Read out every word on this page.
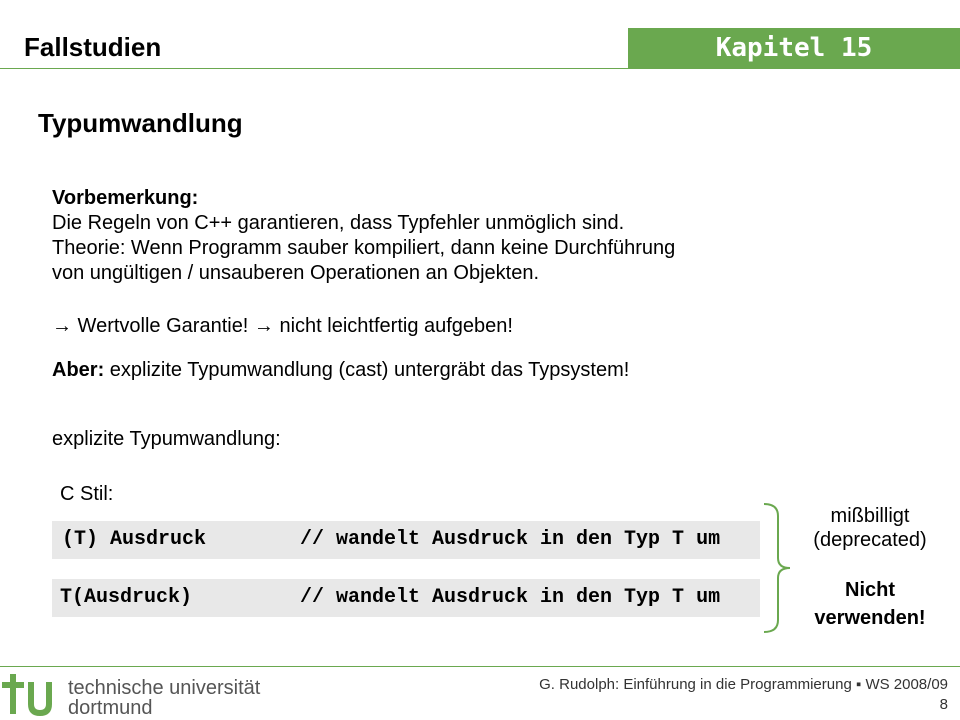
Kapitel 15
Fallstudien
Typumwandlung
Vorbemerkung:
Die Regeln von C++ garantieren, dass Typfehler unmöglich sind.
Theorie: Wenn Programm sauber kompiliert, dann keine Durchführung
von ungültigen / unsauberen Operationen an Objekten.
→ Wertvolle Garantie! → nicht leichtfertig aufgeben!
Aber: explizite Typumwandlung (cast) untergräbt das Typsystem!
explizite Typumwandlung:
C Stil:

(T) Ausdruck

	// wandelt Ausdruck in den Typ T um

T(Ausdruck)

	// wandelt Ausdruck in den Typ T um

mißbilligt
(deprecated)
Nicht
verwenden!
technische universität
dortmund
G. Rudolph: Einführung in die Programmierung ▪ WS 2008/09
8
